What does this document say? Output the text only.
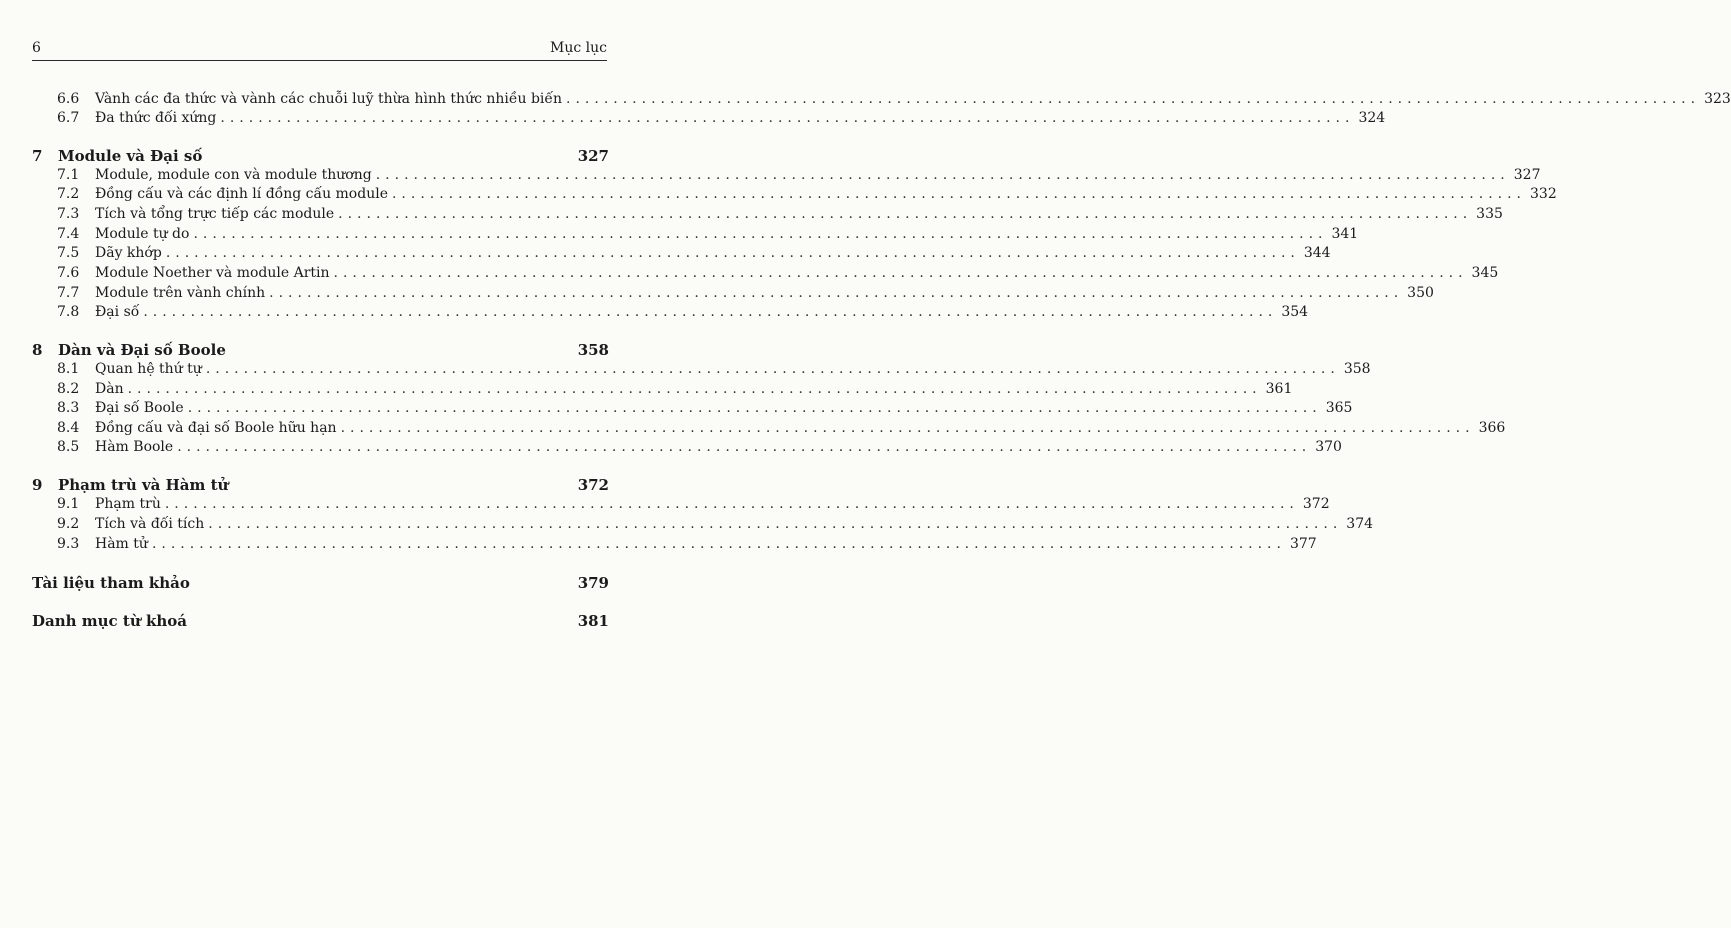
6	Mục lục
6.6	Vành các đa thức và vành các chuỗi luỹ thừa hình thức nhiều biến ........................................................................................................................ 323
6.7	Đa thức đối xứng ........................................................................................................................ 324
7	Module và Đại số	327
7.1	Module, module con và module thương ........................................................................................................................ 327
7.2	Đồng cấu và các định lí đồng cấu module ........................................................................................................................ 332
7.3	Tích và tổng trực tiếp các module ........................................................................................................................ 335
7.4	Module tự do ........................................................................................................................ 341
7.5	Dãy khớp ........................................................................................................................ 344
7.6	Module Noether và module Artin ........................................................................................................................ 345
7.7	Module trên vành chính ........................................................................................................................ 350
7.8	Đại số ........................................................................................................................ 354
8	Dàn và Đại số Boole	358
8.1	Quan hệ thứ tự ........................................................................................................................ 358
8.2	Dàn ........................................................................................................................ 361
8.3	Đại số Boole ........................................................................................................................ 365
8.4	Đồng cấu và đại số Boole hữu hạn ........................................................................................................................ 366
8.5	Hàm Boole ........................................................................................................................ 370
9	Phạm trù và Hàm tử	372
9.1	Phạm trù ........................................................................................................................ 372
9.2	Tích và đối tích ........................................................................................................................ 374
9.3	Hàm tử ........................................................................................................................ 377
Tài liệu tham khảo	379
Danh mục từ khoá	381
